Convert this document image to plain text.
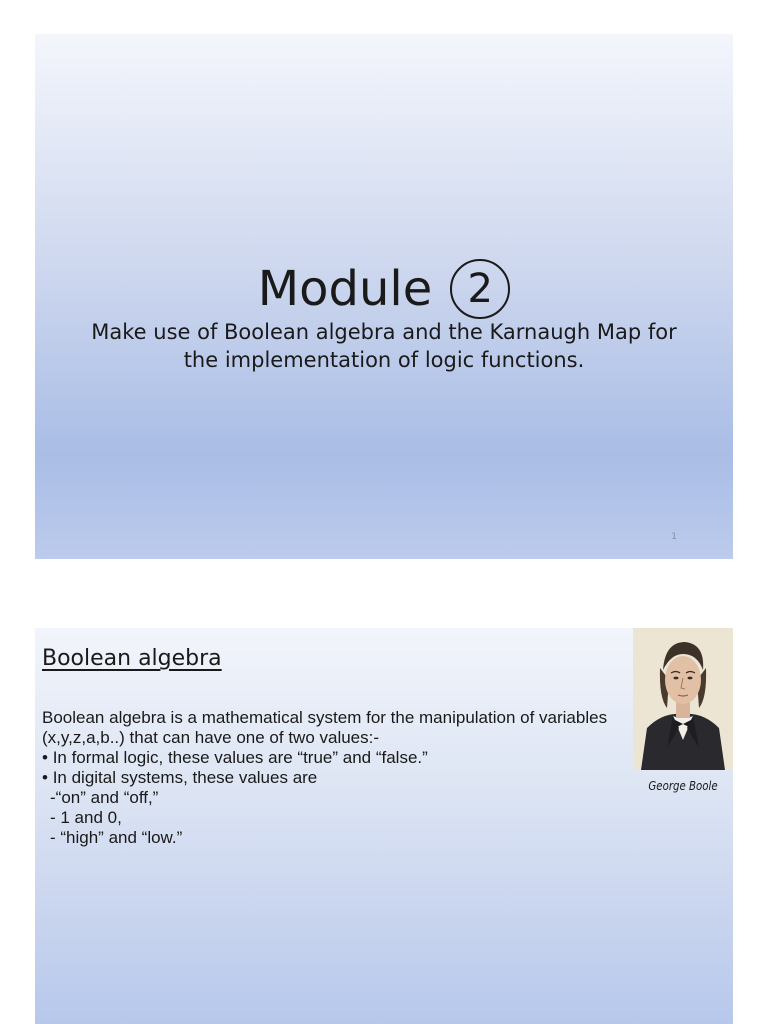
Module 2
Make use of Boolean algebra and the Karnaugh Map for the implementation of logic functions.
1
Boolean algebra

Boolean algebra is a mathematical system for the manipulation of variables (x,y,z,a,b..) that can have one of two values:-

• In formal logic, these values are “true” and “false.”

• In digital systems, these values are

-“on” and “off,”

- 1 and 0,

- “high” and “low.”

George Boole
